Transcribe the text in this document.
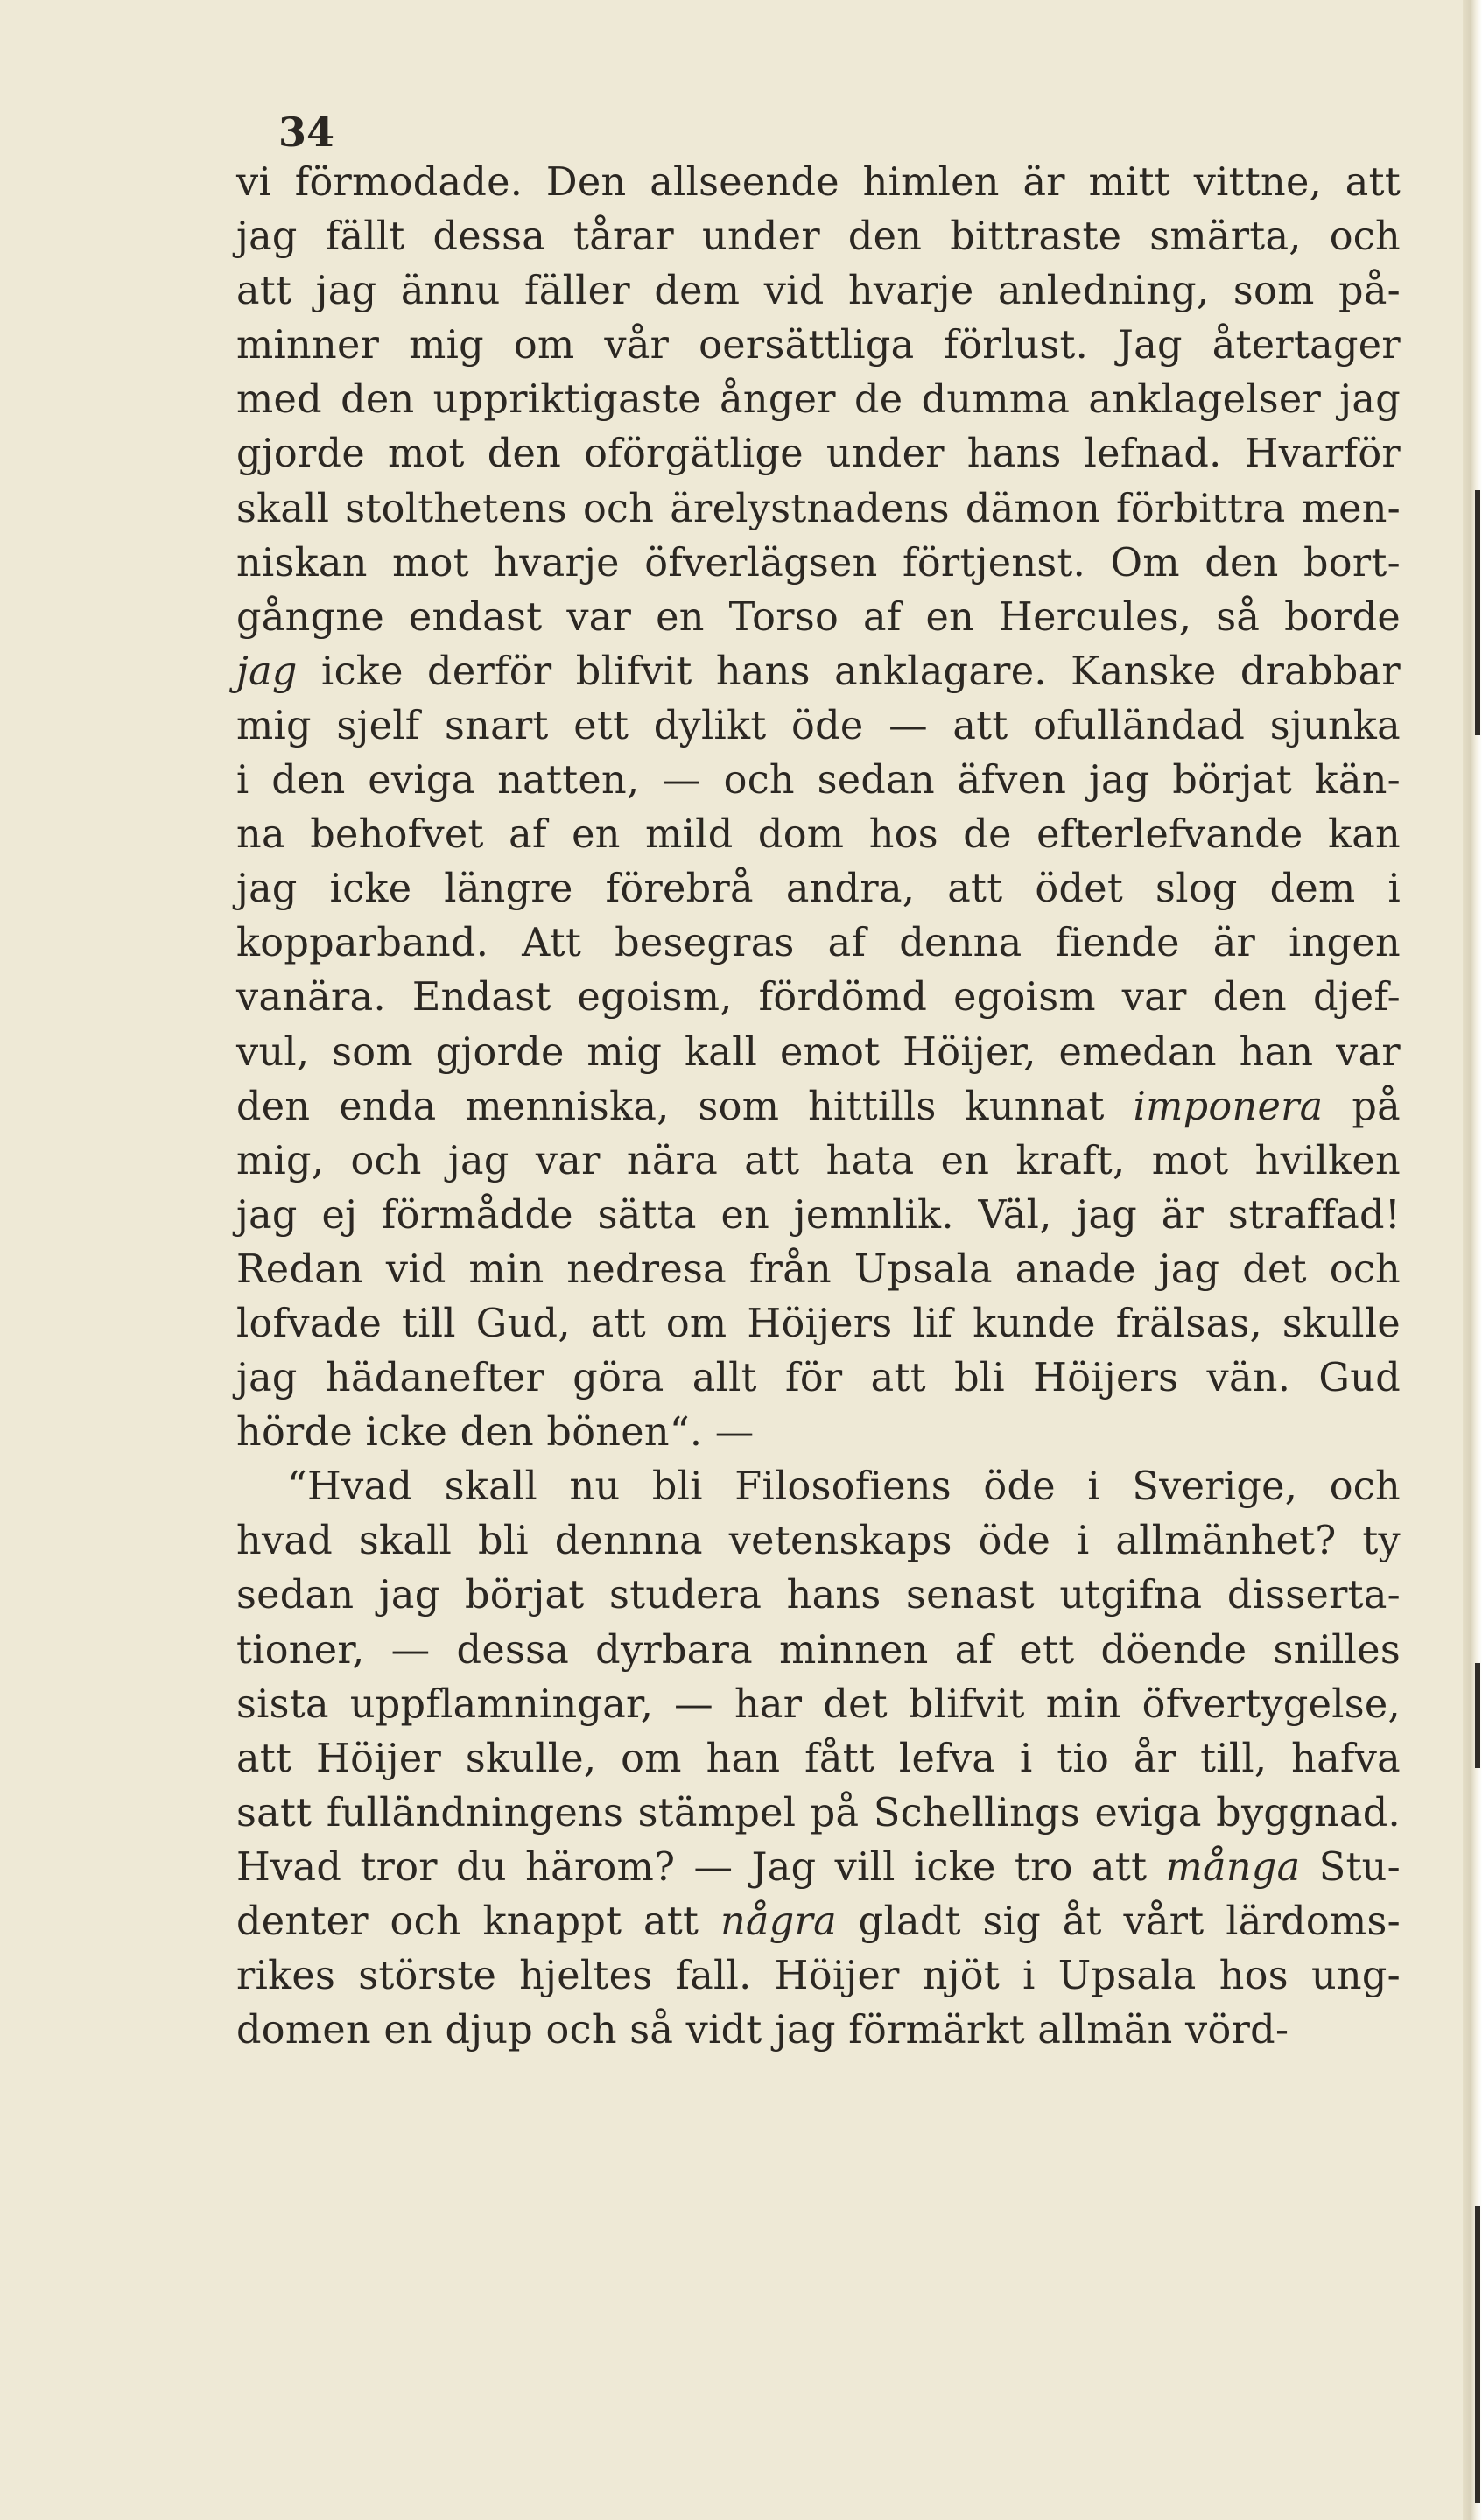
34
vi förmodade. Den allseende himlen är mitt vittne, att
jag fällt dessa tårar under den bittraste smärta, och
att jag ännu fäller dem vid hvarje anledning, som på-
minner mig om vår oersättliga förlust. Jag återtager
med den uppriktigaste ånger de dumma anklagelser jag
gjorde mot den oförgätlige under hans lefnad. Hvarför
skall stolthetens och ärelystnadens dämon förbittra men-
niskan mot hvarje öfverlägsen förtjenst. Om den bort-
gångne endast var en Torso af en Hercules, så borde
jag icke derför blifvit hans anklagare. Kanske drabbar
mig sjelf snart ett dylikt öde — att ofulländad sjunka
i den eviga natten, — och sedan äfven jag börjat kän-
na behofvet af en mild dom hos de efterlefvande kan
jag icke längre förebrå andra, att ödet slog dem i
kopparband. Att besegras af denna fiende är ingen
vanära. Endast egoism, fördömd egoism var den djef-
vul, som gjorde mig kall emot Höijer, emedan han var
den enda menniska, som hittills kunnat imponera på
mig, och jag var nära att hata en kraft, mot hvilken
jag ej förmådde sätta en jemnlik. Väl, jag är straffad!
Redan vid min nedresa från Upsala anade jag det och
lofvade till Gud, att om Höijers lif kunde frälsas, skulle
jag hädanefter göra allt för att bli Höijers vän. Gud
hörde icke den bönen“. —
“Hvad skall nu bli Filosofiens öde i Sverige, och
hvad skall bli dennna vetenskaps öde i allmänhet? ty
sedan jag börjat studera hans senast utgifna disserta-
tioner, — dessa dyrbara minnen af ett döende snilles
sista uppflamningar, — har det blifvit min öfvertygelse,
att Höijer skulle, om han fått lefva i tio år till, hafva
satt fulländningens stämpel på Schellings eviga byggnad.
Hvad tror du härom? — Jag vill icke tro att många Stu-
denter och knappt att några gladt sig åt vårt lärdoms-
rikes störste hjeltes fall. Höijer njöt i Upsala hos ung-
domen en djup och så vidt jag förmärkt allmän vörd-
